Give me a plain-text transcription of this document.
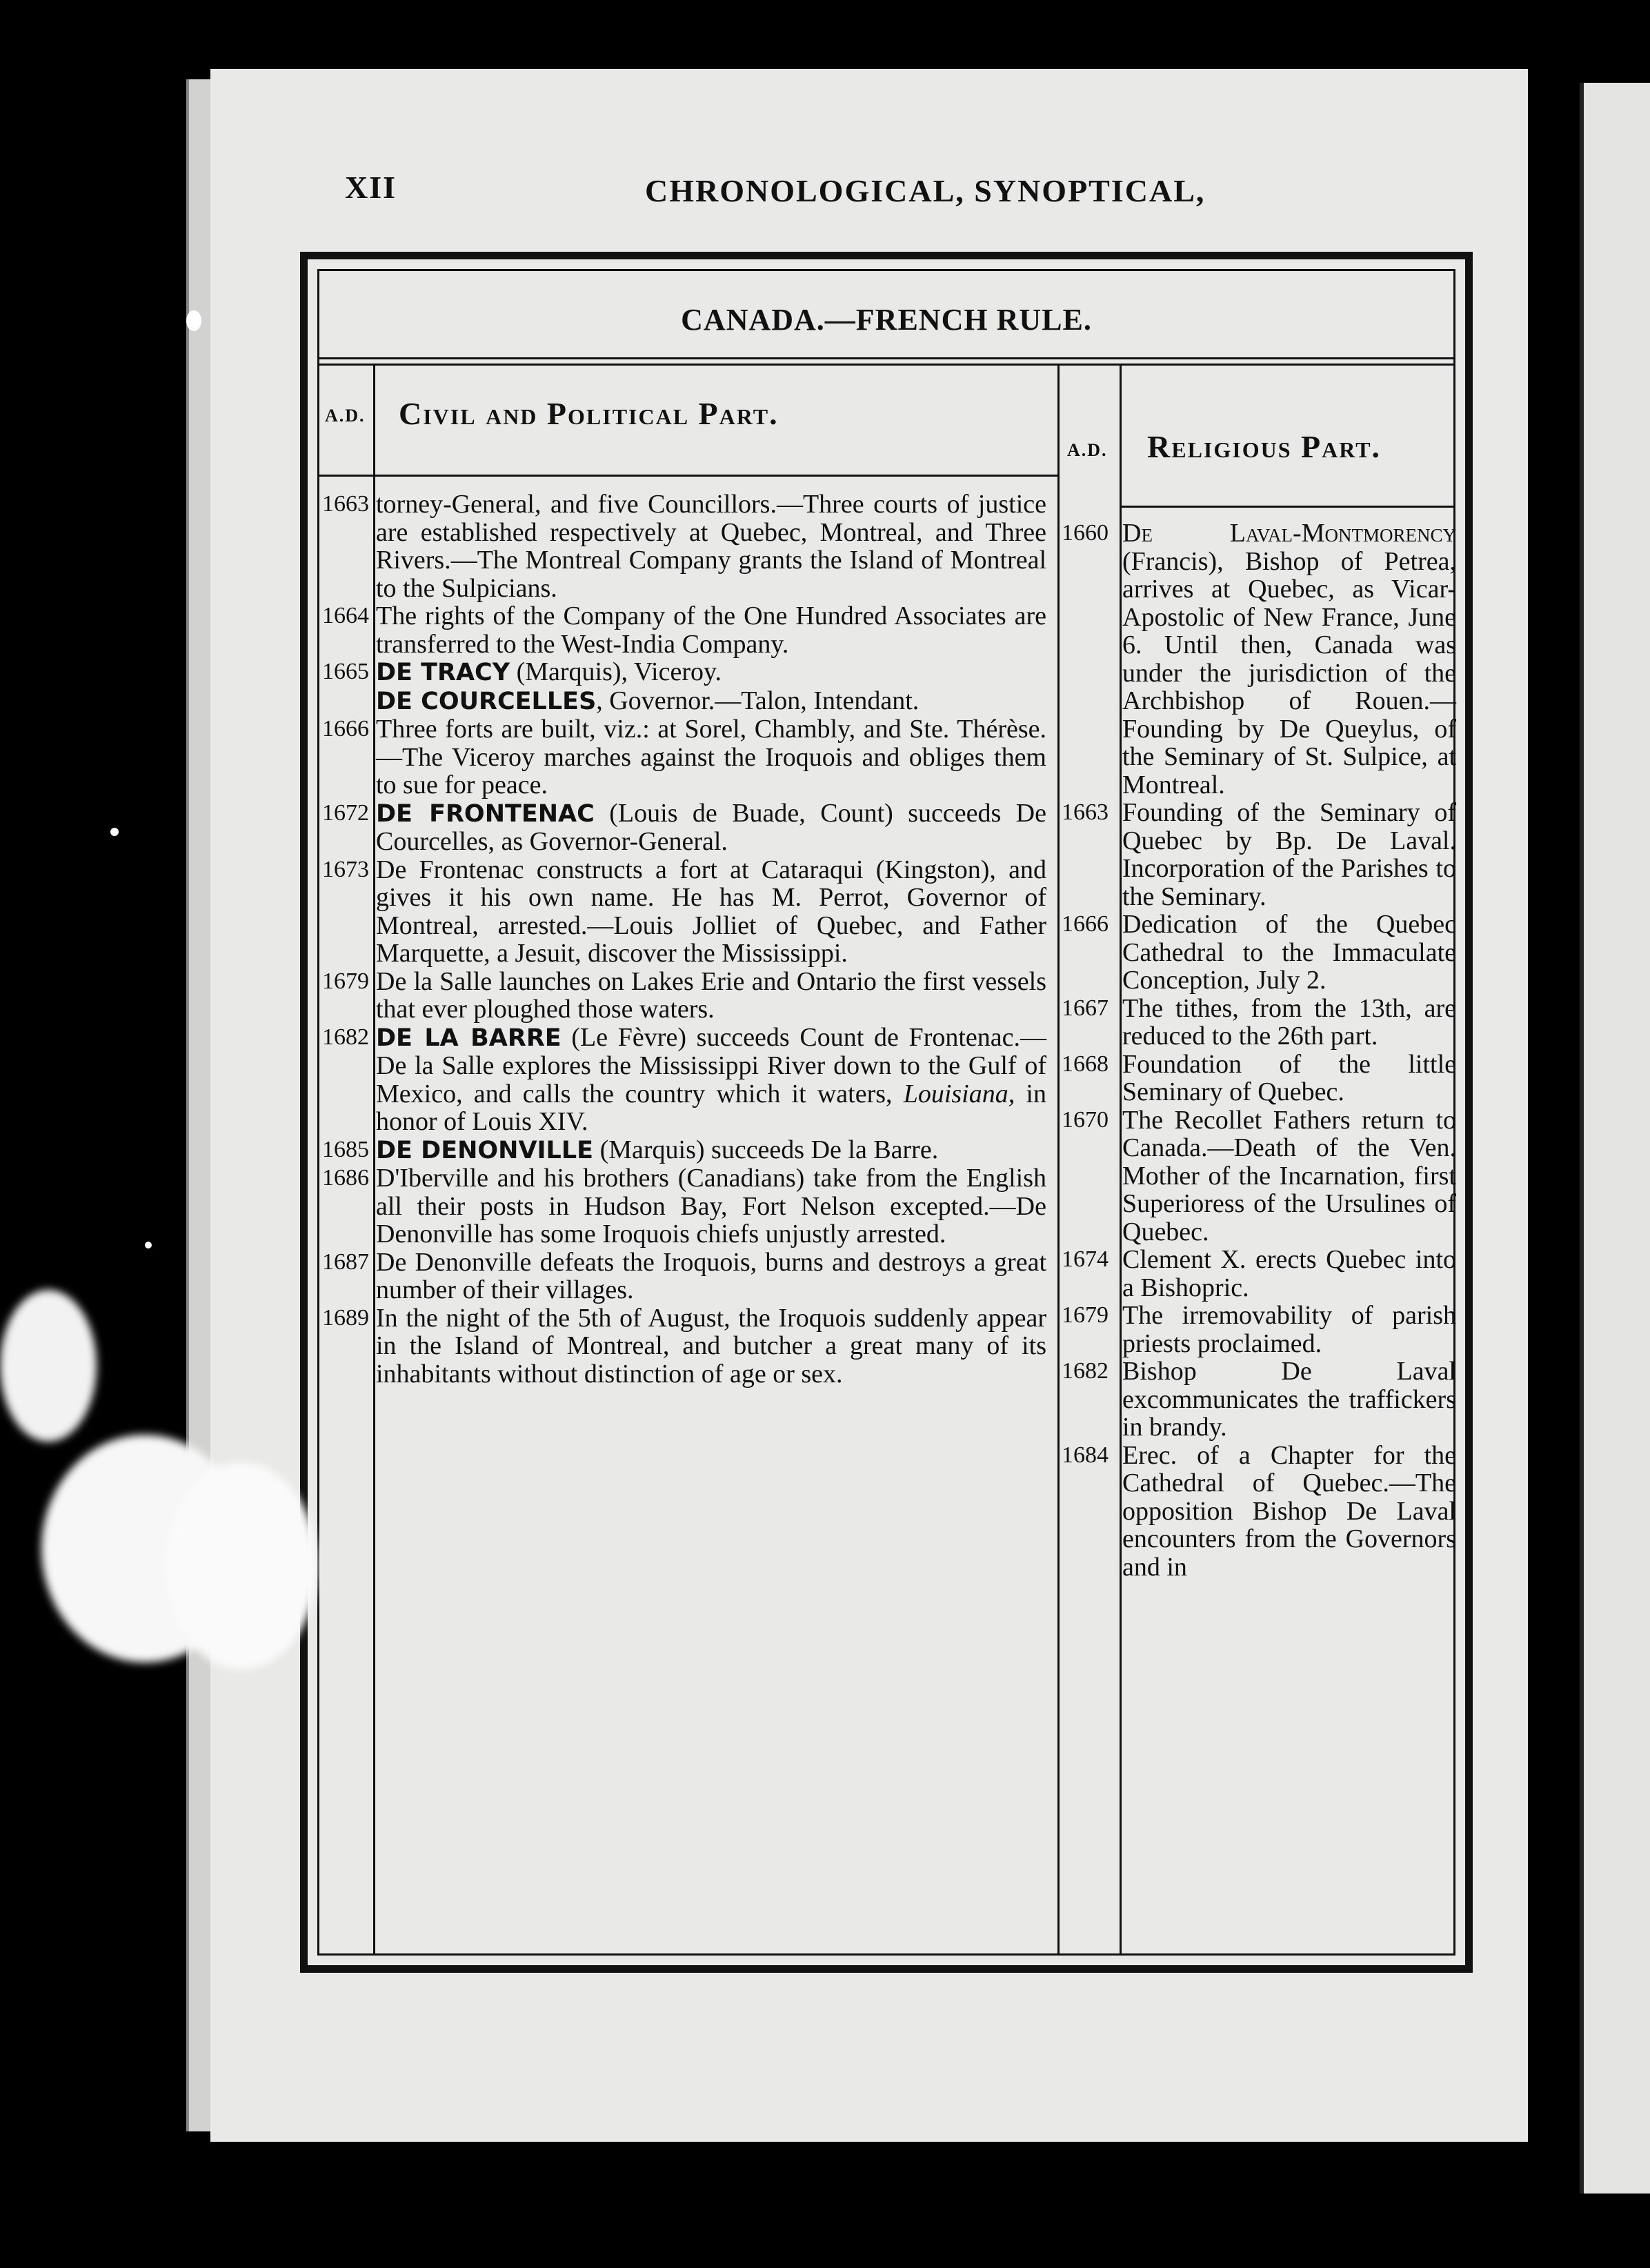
XII	CHRONOLOGICAL, SYNOPTICAL,
CANADA.—FRENCH RULE.
A.D. Civil and Political Part.
A.D. Religious Part.
1663 torney-General, and five Councillors.—Three courts of justice are established respectively at Quebec, Montreal, and Three Rivers.—The Montreal Company grants the Island of Montreal to the Sulpicians.
1664 The rights of the Company of the One Hundred Associates are transferred to the West-India Company.
1665 DE TRACY (Marquis), Viceroy.
DE COURCELLES, Governor.—Talon, Intendant.
1666 Three forts are built, viz.: at Sorel, Chambly, and Ste. Thérèse.—The Viceroy marches against the Iroquois and obliges them to sue for peace.
1672 DE FRONTENAC (Louis de Buade, Count) succeeds De Courcelles, as Governor-General.
1673 De Frontenac constructs a fort at Cataraqui (Kingston), and gives it his own name. He has M. Perrot, Governor of Montreal, arrested.—Louis Jolliet of Quebec, and Father Marquette, a Jesuit, discover the Mississippi.
1679 De la Salle launches on Lakes Erie and Ontario the first vessels that ever ploughed those waters.
1682 DE LA BARRE (Le Fèvre) succeeds Count de Frontenac.—De la Salle explores the Mississippi River down to the Gulf of Mexico, and calls the country which it waters, Louisiana, in honor of Louis XIV.
1685 DE DENONVILLE (Marquis) succeeds De la Barre.
1686 D'Iberville and his brothers (Canadians) take from the English all their posts in Hudson Bay, Fort Nelson excepted.—De Denonville has some Iroquois chiefs unjustly arrested.
1687 De Denonville defeats the Iroquois, burns and destroys a great number of their villages.
1689 In the night of the 5th of August, the Iroquois suddenly appear in the Island of Montreal, and butcher a great many of its inhabitants without distinction of age or sex.
1660 De Laval-Montmorency (Francis), Bishop of Petrea, arrives at Quebec, as Vicar-Apostolic of New France, June 6. Until then, Canada was under the jurisdiction of the Archbishop of Rouen.—Founding by De Queylus, of the Seminary of St. Sulpice, at Montreal.
1663 Founding of the Seminary of Quebec by Bp. De Laval. Incorporation of the Parishes to the Seminary.
1666 Dedication of the Quebec Cathedral to the Immaculate Conception, July 2.
1667 The tithes, from the 13th, are reduced to the 26th part.
1668 Foundation of the little Seminary of Quebec.
1670 The Recollet Fathers return to Canada.—Death of the Ven. Mother of the Incarnation, first Superioress of the Ursulines of Quebec.
1674 Clement X. erects Quebec into a Bishopric.
1679 The irremovability of parish priests proclaimed.
1682 Bishop De Laval excommunicates the traffickers in brandy.
1684 Erec. of a Chapter for the Cathedral of Quebec.—The opposition Bishop De Laval encounters from the Governors and in
